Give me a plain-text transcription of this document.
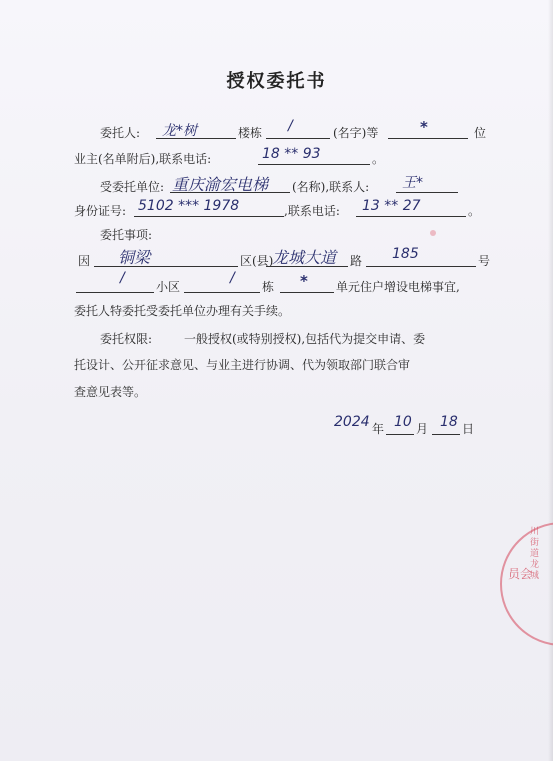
授权委托书
委托人: 龙*树	楼栋 /	(名字)等	*	位
业主(名单附后),联系电话:	18 ** 93	。
受委托单位: 重庆渝宏电梯 (名称),联系人: 王*
身份证号: 5102 *** 1978	,联系电话: 13 ** 27	。
委托事项:
因 铜梁	区(县)
龙城大道 路 185	号
/
小区
/
栋 * 单元住户增设电梯事宜,
委托人特委托受委托单位办理有关手续。
委托权限:	一般授权(或特别授权),包括代为提交申请、委
托设计、公开征求意见、与业主进行协调、代为领取部门联合审
查意见表等。
2024 年 10 月 18 日
川街道龙城
员会
